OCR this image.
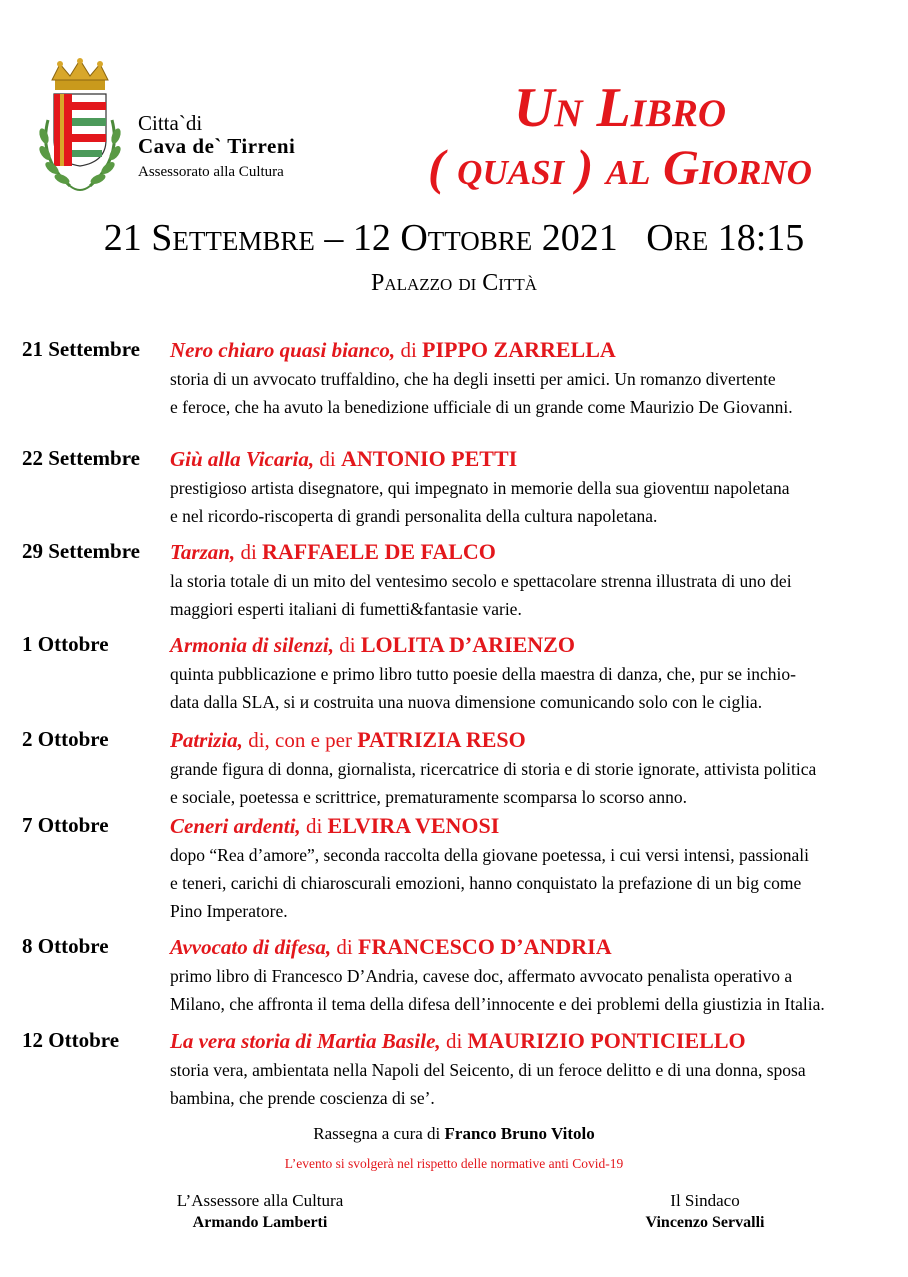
Citta`di
Cava de` Tirreni
Assessorato alla Cultura
Un Libro
( quasi ) al Giorno
21 Settembre – 12 Ottobre 2021   Ore 18:15
Palazzo di Città
21 Settembre Nero chiaro quasi bianco, di PIPPO ZARRELLA
storia di un avvocato truffaldino, che ha degli insetti per amici. Un romanzo divertente
e feroce, che ha avuto la benedizione ufficiale di un grande come Maurizio De Giovanni.
22 Settembre Giù alla Vicaria, di ANTONIO PETTI
prestigioso artista disegnatore, qui impegnato in memorie della sua gioventш napoletana
e nel ricordo-riscoperta di grandi personalita della cultura napoletana.
29 Settembre Tarzan, di RAFFAELE DE FALCO
la storia totale di un mito del ventesimo secolo e spettacolare strenna illustrata di uno dei
maggiori esperti italiani di fumetti&fantasie varie.
1 Ottobre	Armonia di silenzi, di LOLITA D’ARIENZO
quinta pubblicazione e primo libro tutto poesie della maestra di danza, che, pur se inchio-
data dalla SLA, si и costruita una nuova dimensione comunicando solo con le ciglia.
2 Ottobre	Patrizia, di, con e per PATRIZIA RESO
grande figura di donna, giornalista, ricercatrice di storia e di storie ignorate, attivista politica
e sociale, poetessa e scrittrice, prematuramente scomparsa lo scorso anno.
7 Ottobre	Ceneri ardenti, di ELVIRA VENOSI
dopo “Rea d’amore”, seconda raccolta della giovane poetessa, i cui versi intensi, passionali
e teneri, carichi di chiaroscurali emozioni, hanno conquistato la prefazione di un big come
Pino Imperatore.
8 Ottobre	Avvocato di difesa, di FRANCESCO D’ANDRIA
primo libro di Francesco D’Andria, cavese doc, affermato avvocato penalista operativo a
Milano, che affronta il tema della difesa dell’innocente e dei problemi della giustizia in Italia.
12 Ottobre La vera storia di Martia Basile, di MAURIZIO PONTICIELLO
storia vera, ambientata nella Napoli del Seicento, di un feroce delitto e di una donna, sposa
bambina, che prende coscienza di se’.
Rassegna a cura di Franco Bruno Vitolo
L’evento si svolgerà nel rispetto delle normative anti Covid-19
L’Assessore alla Cultura
Armando Lamberti
Il Sindaco
Vincenzo Servalli
